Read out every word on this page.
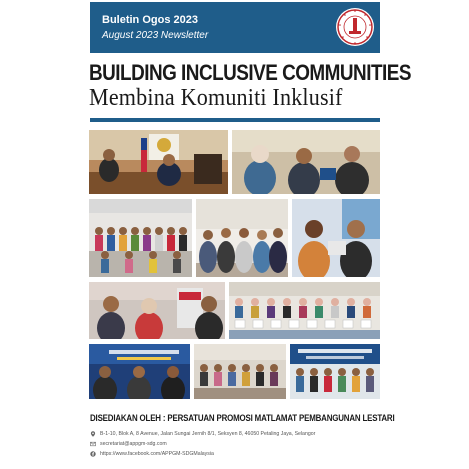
Buletin Ogos 2023
August 2023 Newsletter
BUILDING INCLUSIVE COMMUNITIES
Membina Komuniti Inklusif
DISEDIAKAN OLEH : PERSATUAN PROMOSI MATLAMAT PEMBANGUNAN LESTARI
B-1-10, Blok A, 8 Avenue, Jalan Sungai Jernih 8/1, Seksyen 8, 46050 Petaling Jaya, Selangor
secretariat@appgm-sdg.com
https://www.facebook.com/APPGM-SDGMalaysia
